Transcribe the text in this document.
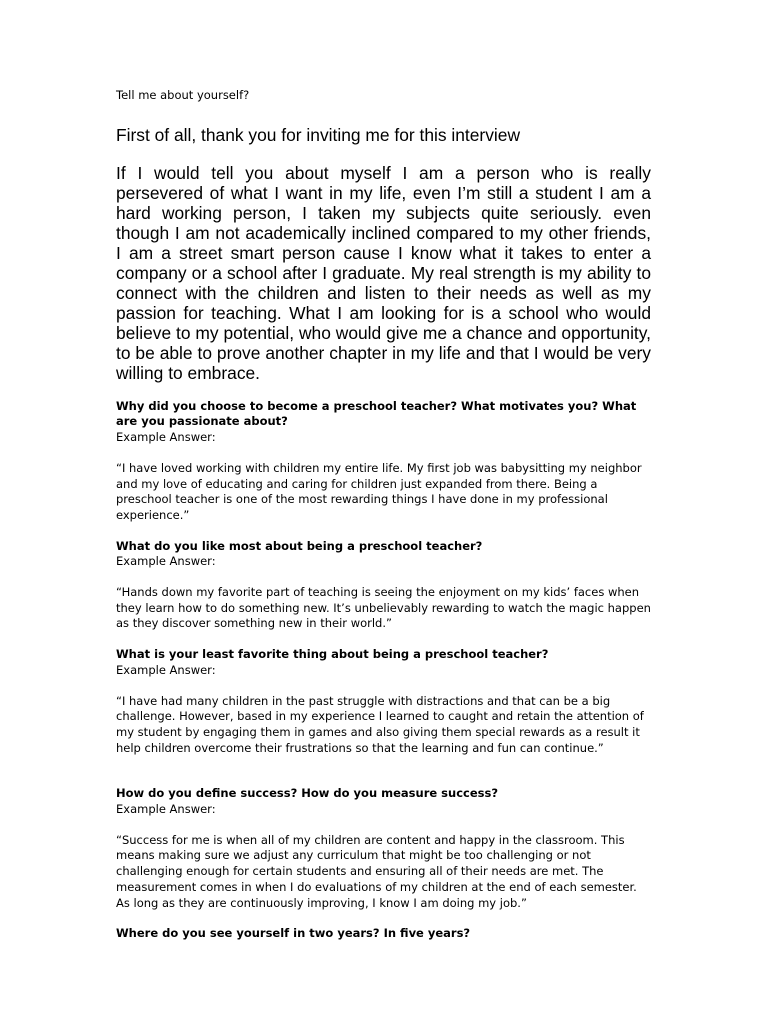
Tell me about yourself?

First of all, thank you for inviting me for this interview

If I would tell you about myself I am a person who is really persevered of what I want in my life, even I’m still a student I am a hard working person, I taken my subjects quite seriously. even though I am not academically inclined compared to my other friends, I am a street smart person cause I know what it takes to enter a company or a school after I graduate. My real strength is my ability to connect with the children and listen to their needs as well as my passion for teaching. What I am looking for is a school who would believe to my potential, who would give me a chance and opportunity, to be able to prove another chapter in my life and that I would be very willing to embrace.

Why did you choose to become a preschool teacher? What motivates you? What are you passionate about?

Example Answer:

“I have loved working with children my entire life. My first job was babysitting my neighbor and my love of educating and caring for children just expanded from there. Being a preschool teacher is one of the most rewarding things I have done in my professional experience.”

What do you like most about being a preschool teacher?

Example Answer:

“Hands down my favorite part of teaching is seeing the enjoyment on my kids’ faces when they learn how to do something new. It’s unbelievably rewarding to watch the magic happen as they discover something new in their world.”

What is your least favorite thing about being a preschool teacher?

Example Answer:

“I have had many children in the past struggle with distractions and that can be a big challenge. However, based in my experience I learned to caught and retain the attention of my student by engaging them in games and also giving them special rewards as a result it help children overcome their frustrations so that the learning and fun can continue.”

How do you define success? How do you measure success?

Example Answer:

“Success for me is when all of my children are content and happy in the classroom. This means making sure we adjust any curriculum that might be too challenging or not challenging enough for certain students and ensuring all of their needs are met. The measurement comes in when I do evaluations of my children at the end of each semester. As long as they are continuously improving, I know I am doing my job.”

Where do you see yourself in two years? In five years?
